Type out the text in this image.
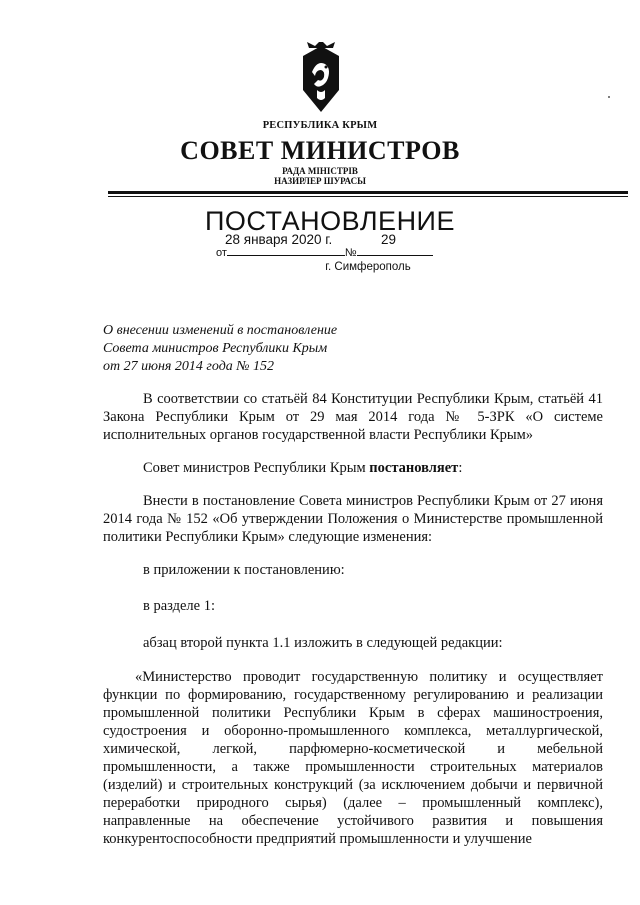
РЕСПУБЛИКА КРЫМ
СОВЕТ МИНИСТРОВ
РАДА МІНІСТРІВ
НАЗИРЛЕР ШУРАСЫ
ПОСТАНОВЛЕНИЕ
28 января 2020 г.	29
от	№
г. Симферополь
О внесении изменений в постановление
Совета министров Республики Крым
от 27 июня 2014 года № 152
В соответствии со статьёй 84 Конституции Республики Крым, статьёй 41 Закона Республики Крым от 29 мая 2014 года № 5-ЗРК «О системе исполнительных органов государственной власти Республики Крым»
Совет министров Республики Крым постановляет:
Внести в постановление Совета министров Республики Крым от 27 июня 2014 года № 152 «Об утверждении Положения о Министерстве промышленной политики Республики Крым» следующие изменения:
в приложении к постановлению:
в разделе 1:
абзац второй пункта 1.1 изложить в следующей редакции:
«Министерство проводит государственную политику и осуществляет функции по формированию, государственному регулированию и реализации промышленной политики Республики Крым в сферах машиностроения, судостроения и оборонно-промышленного комплекса, металлургической, химической, легкой, парфюмерно-косметической и мебельной промышленности, а также промышленности строительных материалов (изделий) и строительных конструкций (за исключением добычи и первичной переработки природного сырья) (далее – промышленный комплекс), направленные на обеспечение устойчивого развития и повышения конкурентоспособности предприятий промышленности и улучшение
